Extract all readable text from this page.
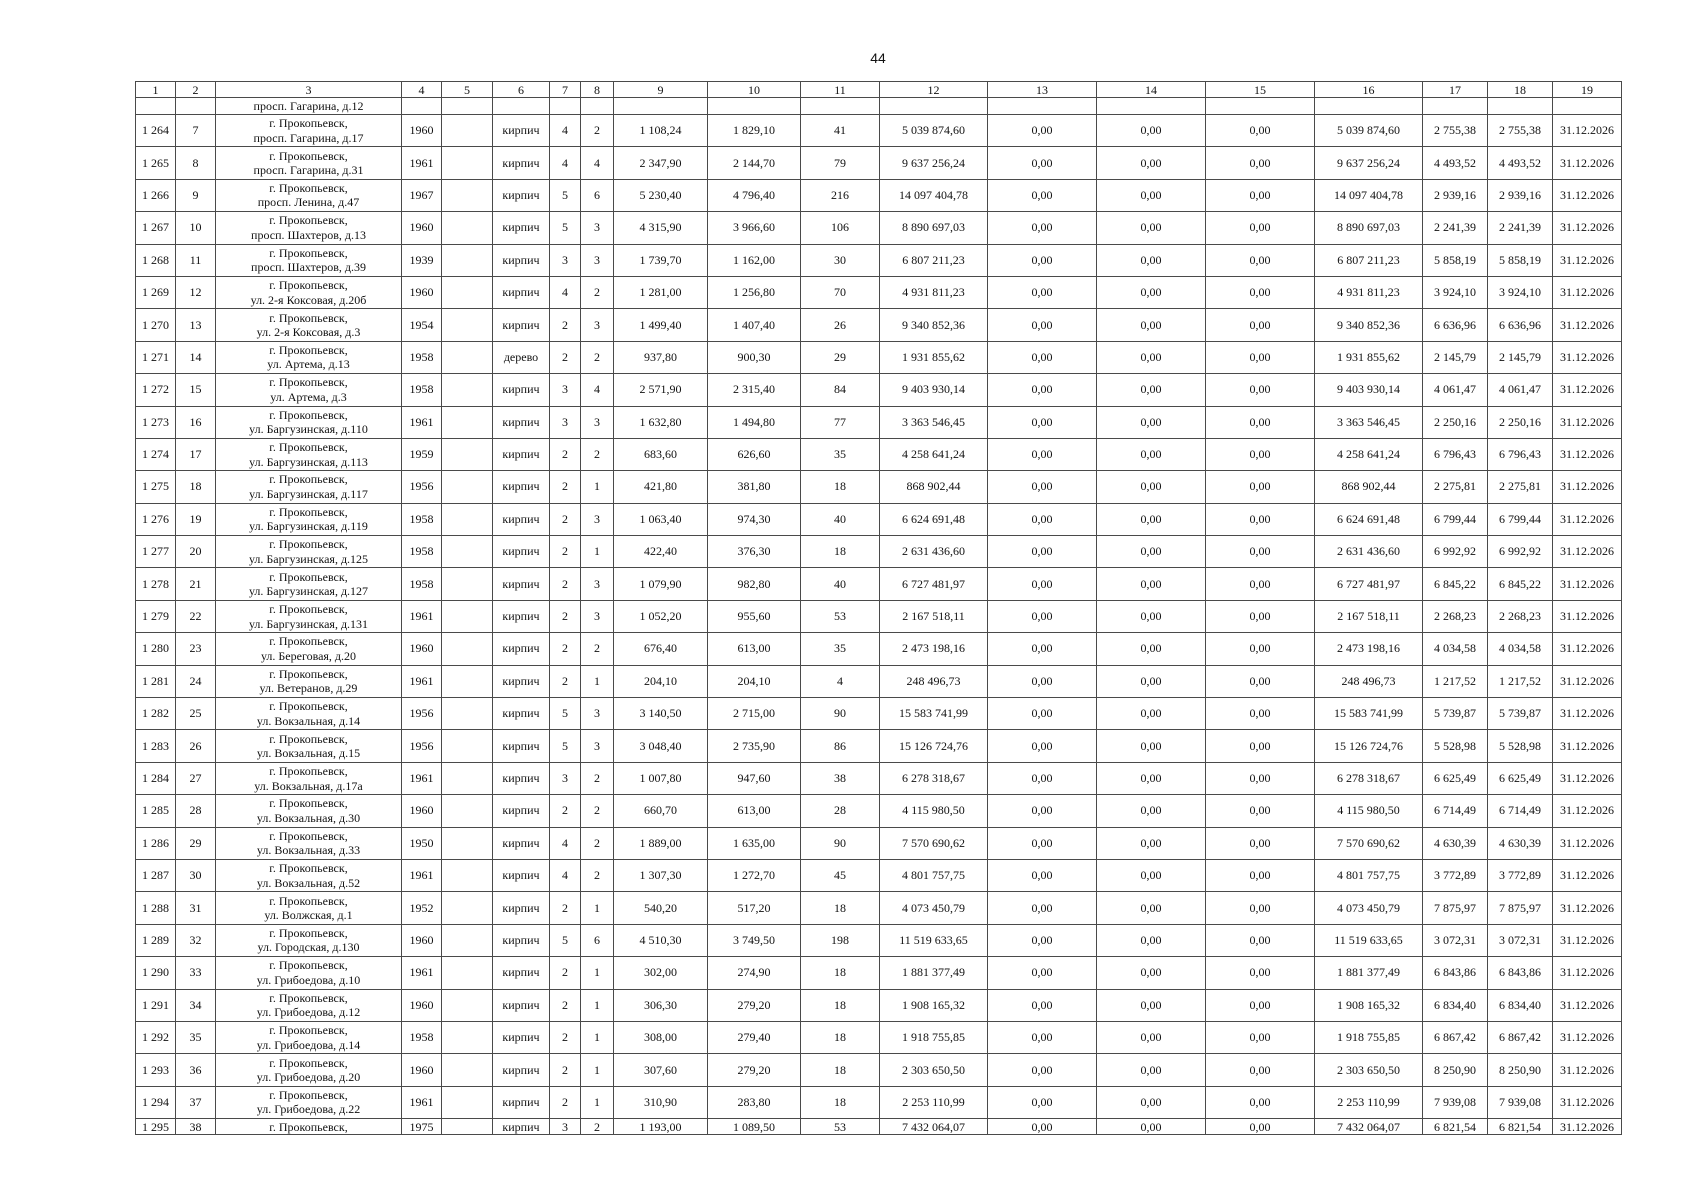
44
1	2	3	4	5	6	7	8	9	10	11	12	13	14	15	16	17	18	19

		просп. Гагарина, д.12																

1 264	7	г. Прокопьевск,
просп. Гагарина, д.17	1960		кирпич	4	2	1 108,24	1 829,10	41	5 039 874,60	0,00	0,00	0,00	5 039 874,60	2 755,38	2 755,38	31.12.2026
1 265	8	г. Прокопьевск,
просп. Гагарина, д.31	1961		кирпич	4	4	2 347,90	2 144,70	79	9 637 256,24	0,00	0,00	0,00	9 637 256,24	4 493,52	4 493,52	31.12.2026
1 266	9	г. Прокопьевск,
просп. Ленина, д.47	1967		кирпич	5	6	5 230,40	4 796,40	216	14 097 404,78	0,00	0,00	0,00	14 097 404,78	2 939,16	2 939,16	31.12.2026
1 267	10	г. Прокопьевск,
просп. Шахтеров, д.13	1960		кирпич	5	3	4 315,90	3 966,60	106	8 890 697,03	0,00	0,00	0,00	8 890 697,03	2 241,39	2 241,39	31.12.2026
1 268	11	г. Прокопьевск,
просп. Шахтеров, д.39	1939		кирпич	3	3	1 739,70	1 162,00	30	6 807 211,23	0,00	0,00	0,00	6 807 211,23	5 858,19	5 858,19	31.12.2026
1 269	12	г. Прокопьевск,
ул. 2-я Коксовая, д.20б	1960		кирпич	4	2	1 281,00	1 256,80	70	4 931 811,23	0,00	0,00	0,00	4 931 811,23	3 924,10	3 924,10	31.12.2026
1 270	13	г. Прокопьевск,
ул. 2-я Коксовая, д.3	1954		кирпич	2	3	1 499,40	1 407,40	26	9 340 852,36	0,00	0,00	0,00	9 340 852,36	6 636,96	6 636,96	31.12.2026
1 271	14	г. Прокопьевск,
ул. Артема, д.13	1958		дерево	2	2	937,80	900,30	29	1 931 855,62	0,00	0,00	0,00	1 931 855,62	2 145,79	2 145,79	31.12.2026
1 272	15	г. Прокопьевск,
ул. Артема, д.3	1958		кирпич	3	4	2 571,90	2 315,40	84	9 403 930,14	0,00	0,00	0,00	9 403 930,14	4 061,47	4 061,47	31.12.2026
1 273	16	г. Прокопьевск,
ул. Баргузинская, д.110	1961		кирпич	3	3	1 632,80	1 494,80	77	3 363 546,45	0,00	0,00	0,00	3 363 546,45	2 250,16	2 250,16	31.12.2026
1 274	17	г. Прокопьевск,
ул. Баргузинская, д.113	1959		кирпич	2	2	683,60	626,60	35	4 258 641,24	0,00	0,00	0,00	4 258 641,24	6 796,43	6 796,43	31.12.2026
1 275	18	г. Прокопьевск,
ул. Баргузинская, д.117	1956		кирпич	2	1	421,80	381,80	18	868 902,44	0,00	0,00	0,00	868 902,44	2 275,81	2 275,81	31.12.2026
1 276	19	г. Прокопьевск,
ул. Баргузинская, д.119	1958		кирпич	2	3	1 063,40	974,30	40	6 624 691,48	0,00	0,00	0,00	6 624 691,48	6 799,44	6 799,44	31.12.2026
1 277	20	г. Прокопьевск,
ул. Баргузинская, д.125	1958		кирпич	2	1	422,40	376,30	18	2 631 436,60	0,00	0,00	0,00	2 631 436,60	6 992,92	6 992,92	31.12.2026
1 278	21	г. Прокопьевск,
ул. Баргузинская, д.127	1958		кирпич	2	3	1 079,90	982,80	40	6 727 481,97	0,00	0,00	0,00	6 727 481,97	6 845,22	6 845,22	31.12.2026
1 279	22	г. Прокопьевск,
ул. Баргузинская, д.131	1961		кирпич	2	3	1 052,20	955,60	53	2 167 518,11	0,00	0,00	0,00	2 167 518,11	2 268,23	2 268,23	31.12.2026
1 280	23	г. Прокопьевск,
ул. Береговая, д.20	1960		кирпич	2	2	676,40	613,00	35	2 473 198,16	0,00	0,00	0,00	2 473 198,16	4 034,58	4 034,58	31.12.2026
1 281	24	г. Прокопьевск,
ул. Ветеранов, д.29	1961		кирпич	2	1	204,10	204,10	4	248 496,73	0,00	0,00	0,00	248 496,73	1 217,52	1 217,52	31.12.2026
1 282	25	г. Прокопьевск,
ул. Вокзальная, д.14	1956		кирпич	5	3	3 140,50	2 715,00	90	15 583 741,99	0,00	0,00	0,00	15 583 741,99	5 739,87	5 739,87	31.12.2026
1 283	26	г. Прокопьевск,
ул. Вокзальная, д.15	1956		кирпич	5	3	3 048,40	2 735,90	86	15 126 724,76	0,00	0,00	0,00	15 126 724,76	5 528,98	5 528,98	31.12.2026
1 284	27	г. Прокопьевск,
ул. Вокзальная, д.17а	1961		кирпич	3	2	1 007,80	947,60	38	6 278 318,67	0,00	0,00	0,00	6 278 318,67	6 625,49	6 625,49	31.12.2026
1 285	28	г. Прокопьевск,
ул. Вокзальная, д.30	1960		кирпич	2	2	660,70	613,00	28	4 115 980,50	0,00	0,00	0,00	4 115 980,50	6 714,49	6 714,49	31.12.2026
1 286	29	г. Прокопьевск,
ул. Вокзальная, д.33	1950		кирпич	4	2	1 889,00	1 635,00	90	7 570 690,62	0,00	0,00	0,00	7 570 690,62	4 630,39	4 630,39	31.12.2026
1 287	30	г. Прокопьевск,
ул. Вокзальная, д.52	1961		кирпич	4	2	1 307,30	1 272,70	45	4 801 757,75	0,00	0,00	0,00	4 801 757,75	3 772,89	3 772,89	31.12.2026
1 288	31	г. Прокопьевск,
ул. Волжская, д.1	1952		кирпич	2	1	540,20	517,20	18	4 073 450,79	0,00	0,00	0,00	4 073 450,79	7 875,97	7 875,97	31.12.2026
1 289	32	г. Прокопьевск,
ул. Городская, д.130	1960		кирпич	5	6	4 510,30	3 749,50	198	11 519 633,65	0,00	0,00	0,00	11 519 633,65	3 072,31	3 072,31	31.12.2026
1 290	33	г. Прокопьевск,
ул. Грибоедова, д.10	1961		кирпич	2	1	302,00	274,90	18	1 881 377,49	0,00	0,00	0,00	1 881 377,49	6 843,86	6 843,86	31.12.2026
1 291	34	г. Прокопьевск,
ул. Грибоедова, д.12	1960		кирпич	2	1	306,30	279,20	18	1 908 165,32	0,00	0,00	0,00	1 908 165,32	6 834,40	6 834,40	31.12.2026
1 292	35	г. Прокопьевск,
ул. Грибоедова, д.14	1958		кирпич	2	1	308,00	279,40	18	1 918 755,85	0,00	0,00	0,00	1 918 755,85	6 867,42	6 867,42	31.12.2026
1 293	36	г. Прокопьевск,
ул. Грибоедова, д.20	1960		кирпич	2	1	307,60	279,20	18	2 303 650,50	0,00	0,00	0,00	2 303 650,50	8 250,90	8 250,90	31.12.2026
1 294	37	г. Прокопьевск,
ул. Грибоедова, д.22	1961		кирпич	2	1	310,90	283,80	18	2 253 110,99	0,00	0,00	0,00	2 253 110,99	7 939,08	7 939,08	31.12.2026
1 295	38	г. Прокопьевск,	1975		кирпич	3	2	1 193,00	1 089,50	53	7 432 064,07	0,00	0,00	0,00	7 432 064,07	6 821,54	6 821,54	31.12.2026
